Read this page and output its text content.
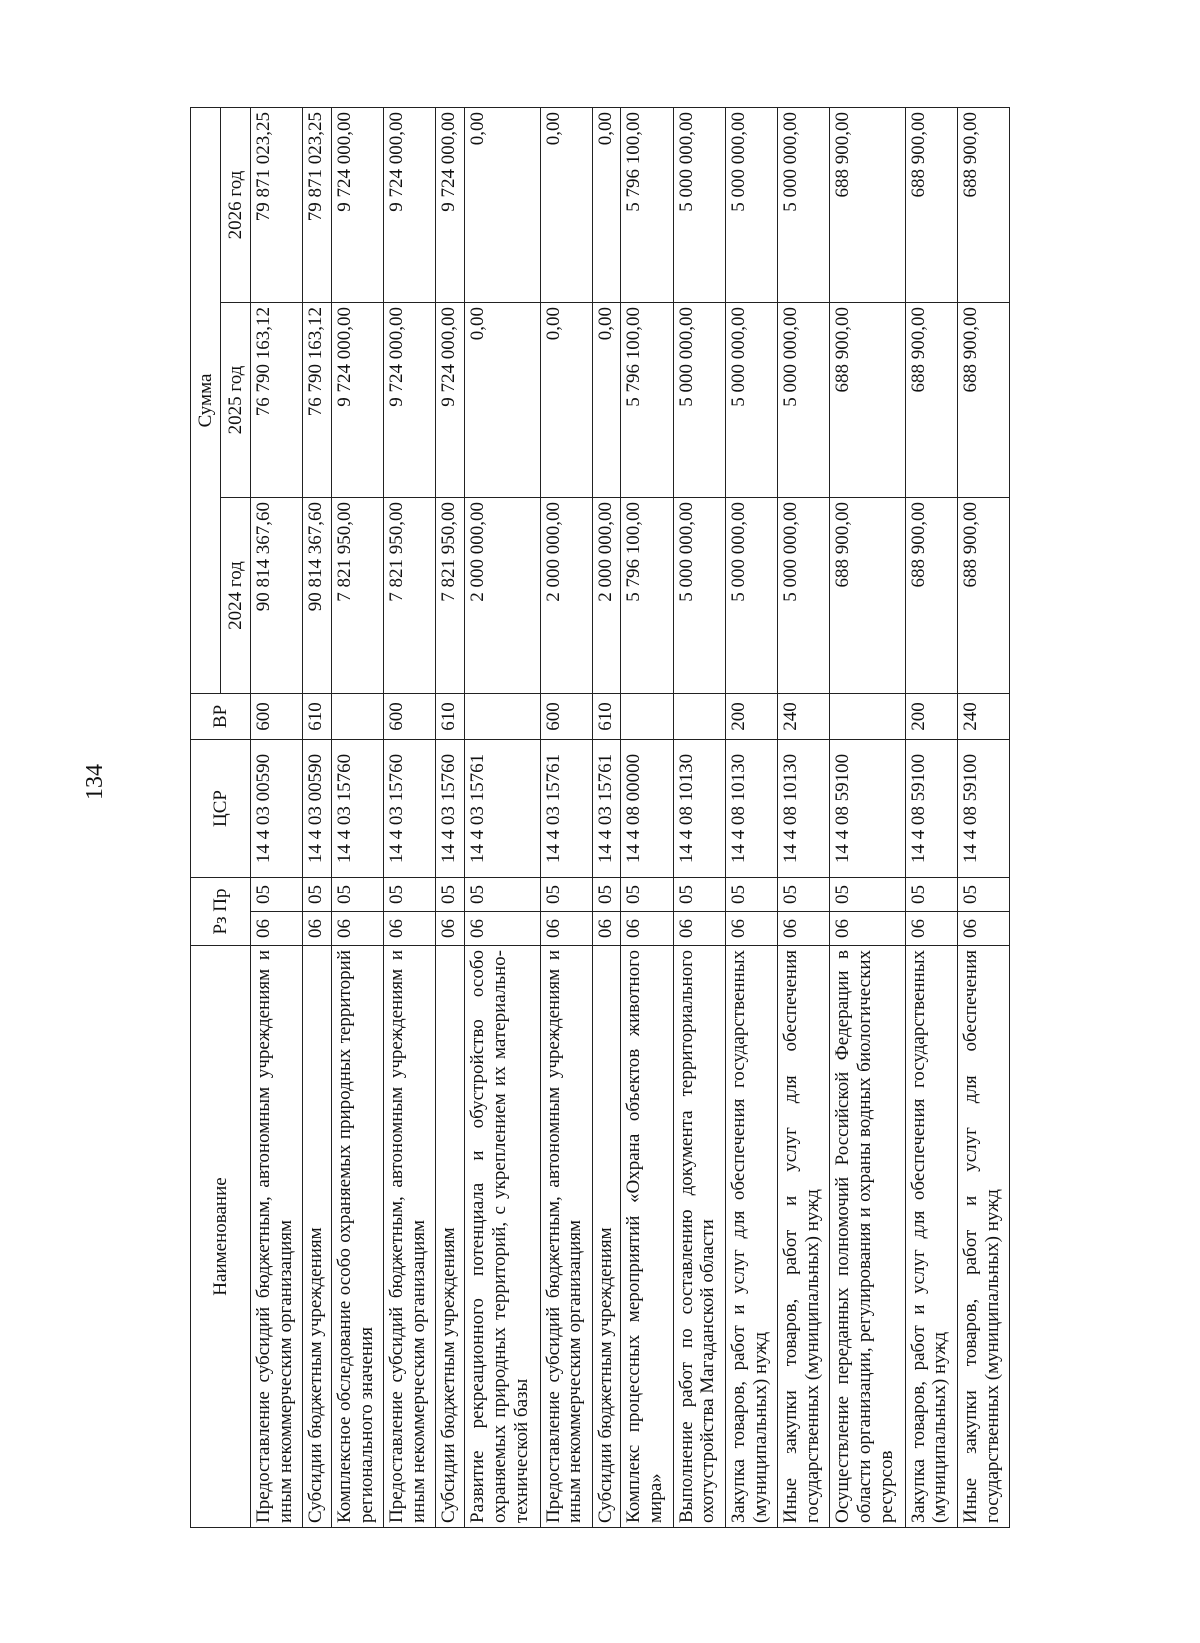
134
Наименование	Рз Пр		ЦСР	ВР	Сумма		
					2024 год	2025 год	2026 год
Предоставление субсидий бюджетным, автономным учреждениям и иным некоммерческим организациям	06	05	14 4 03 00590	600	90 814 367,60	76 790 163,12	79 871 023,25
Субсидии бюджетным учреждениям	06	05	14 4 03 00590	610	90 814 367,60	76 790 163,12	79 871 023,25
Комплексное обследование особо охраняемых природных территорий регионального значения	06	05	14 4 03 15760		7 821 950,00	9 724 000,00	9 724 000,00
Предоставление субсидий бюджетным, автономным учреждениям и иным некоммерческим организациям	06	05	14 4 03 15760	600	7 821 950,00	9 724 000,00	9 724 000,00
Субсидии бюджетным учреждениям	06	05	14 4 03 15760	610	7 821 950,00	9 724 000,00	9 724 000,00
Развитие рекреационного потенциала и обустройство особо охраняемых природных территорий, с укреплением их материально-технической базы	06	05	14 4 03 15761		2 000 000,00	0,00	0,00
Предоставление субсидий бюджетным, автономным учреждениям и иным некоммерческим организациям	06	05	14 4 03 15761	600	2 000 000,00	0,00	0,00
Субсидии бюджетным учреждениям	06	05	14 4 03 15761	610	2 000 000,00	0,00	0,00
Комплекс процессных мероприятий «Охрана объектов животного мира»	06	05	14 4 08 00000		5 796 100,00	5 796 100,00	5 796 100,00
Выполнение работ по составлению документа территориального охотустройства Магаданской области	06	05	14 4 08 10130		5 000 000,00	5 000 000,00	5 000 000,00
Закупка товаров, работ и услуг для обеспечения государственных (муниципальных) нужд	06	05	14 4 08 10130	200	5 000 000,00	5 000 000,00	5 000 000,00
Иные закупки товаров, работ и услуг для обеспечения государственных (муниципальных) нужд	06	05	14 4 08 10130	240	5 000 000,00	5 000 000,00	5 000 000,00
Осуществление переданных полномочий Российской Федерации в области организации, регулирования и охраны водных биологических ресурсов	06	05	14 4 08 59100		688 900,00	688 900,00	688 900,00
Закупка товаров, работ и услуг для обеспечения государственных (муниципальных) нужд	06	05	14 4 08 59100	200	688 900,00	688 900,00	688 900,00
Иные закупки товаров, работ и услуг для обеспечения государственных (муниципальных) нужд	06	05	14 4 08 59100	240	688 900,00	688 900,00	688 900,00
